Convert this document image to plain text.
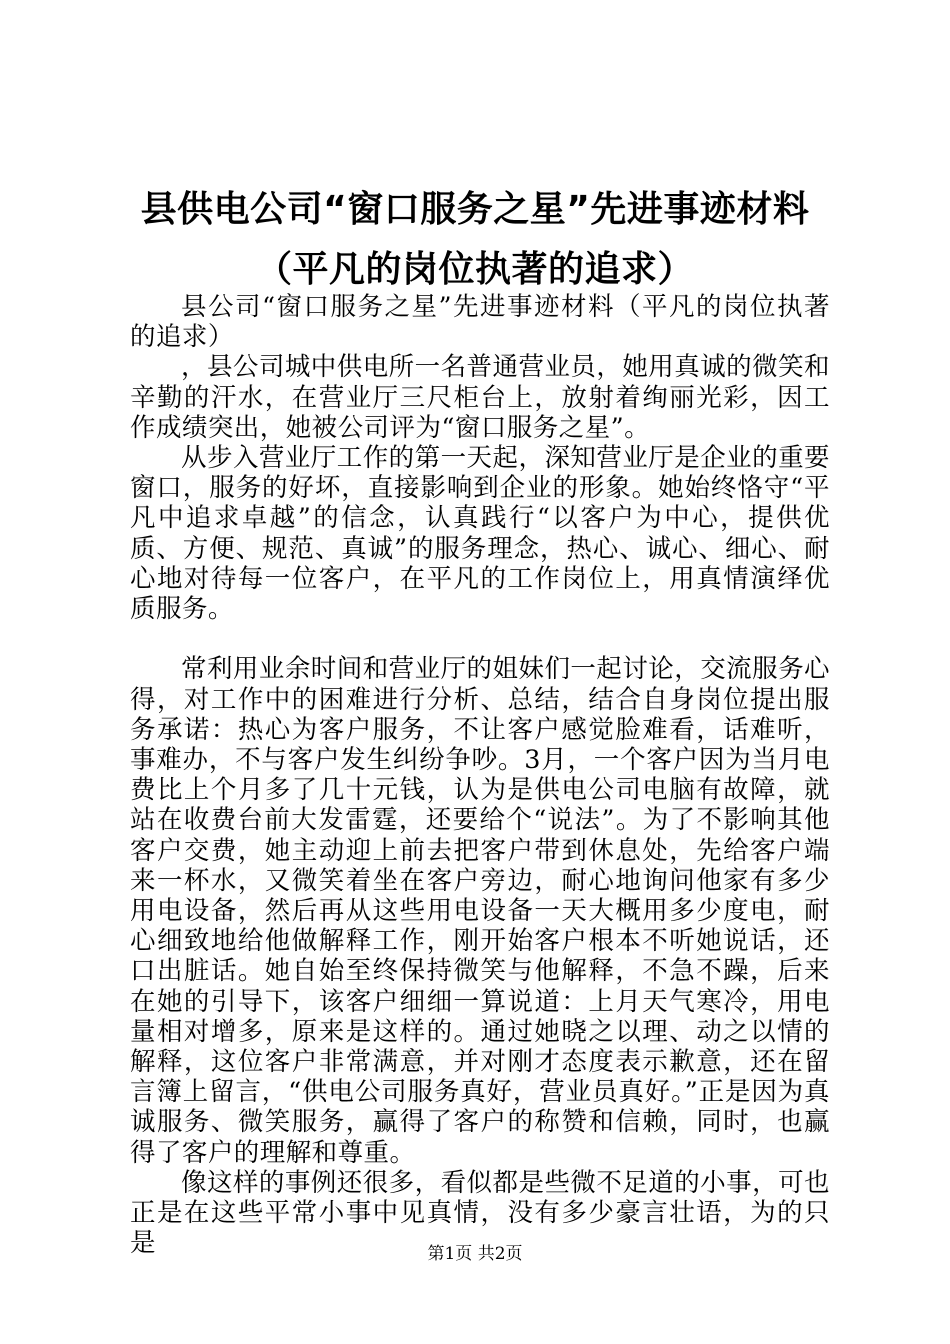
县供电公司“窗口服务之星”先进事迹材料
（平凡的岗位执著的追求）

县公司“窗口服务之星”先进事迹材料（平凡的岗位执著的追求）

，县公司城中供电所一名普通营业员，她用真诚的微笑和辛勤的汗水，在营业厅三尺柜台上，放射着绚丽光彩，因工作成绩突出，她被公司评为“窗口服务之星”。

从步入营业厅工作的第一天起，深知营业厅是企业的重要窗口，服务的好坏，直接影响到企业的形象。她始终恪守“平凡中追求卓越”的信念，认真践行“以客户为中心，提供优质、方便、规范、真诚”的服务理念，热心、诚心、细心、耐心地对待每一位客户，在平凡的工作岗位上，用真情演绎优质服务。

常利用业余时间和营业厅的姐妹们一起讨论，交流服务心得，对工作中的困难进行分析、总结，结合自身岗位提出服务承诺：热心为客户服务，不让客户感觉脸难看，话难听，事难办，不与客户发生纠纷争吵。3月，一个客户因为当月电费比上个月多了几十元钱，认为是供电公司电脑有故障，就站在收费台前大发雷霆，还要给个“说法”。为了不影响其他客户交费，她主动迎上前去把客户带到休息处，先给客户端来一杯水，又微笑着坐在客户旁边，耐心地询问他家有多少用电设备，然后再从这些用电设备一天大概用多少度电，耐心细致地给他做解释工作，刚开始客户根本不听她说话，还口出脏话。她自始至终保持微笑与他解释，不急不躁，后来在她的引导下，该客户细细一算说道：上月天气寒冷，用电量相对增多，原来是这样的。通过她晓之以理、动之以情的解释，这位客户非常满意，并对刚才态度表示歉意，还在留言簿上留言，“供电公司服务真好，营业员真好。”正是因为真诚服务、微笑服务，赢得了客户的称赞和信赖，同时，也赢得了客户的理解和尊重。

像这样的事例还很多，看似都是些微不足道的小事，可也正是在这些平常小事中见真情，没有多少豪言壮语，为的只是	第1页 共2页
